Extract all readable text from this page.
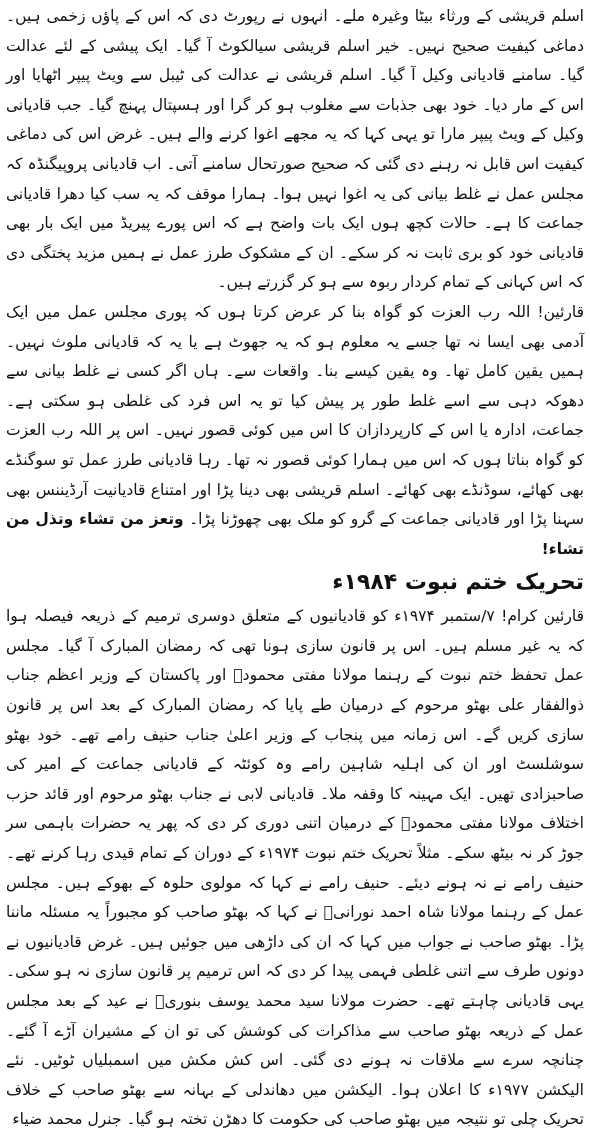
اسلم قریشی کے ورثاء بیٹا وغیرہ ملے۔ انہوں نے رپورٹ دی کہ اس کے پاؤں زخمی ہیں۔ دماغی کیفیت صحیح نہیں۔ خیر اسلم قریشی سیالکوٹ آ گیا۔ ایک پیشی کے لئے عدالت گیا۔ سامنے قادیانی وکیل آ گیا۔ اسلم قریشی نے عدالت کی ٹیبل سے ویٹ پیپر اٹھایا اور اس کے مار دیا۔ خود بھی جذبات سے مغلوب ہو کر گرا اور ہسپتال پہنچ گیا۔ جب قادیانی وکیل کے ویٹ پیپر مارا تو یہی کہا کہ یہ مجھے اغوا کرنے والے ہیں۔ غرض اس کی دماغی کیفیت اس قابل نہ رہنے دی گئی کہ صحیح صورتحال سامنے آتی۔ اب قادیانی پروپیگنڈہ کہ مجلس عمل نے غلط بیانی کی یہ اغوا نہیں ہوا۔ ہمارا موقف کہ یہ سب کیا دھرا قادیانی جماعت کا ہے۔ حالات کچھ ہوں ایک بات واضح ہے کہ اس پورے پیریڈ میں ایک بار بھی قادیانی خود کو بری ثابت نہ کر سکے۔ ان کے مشکوک طرز عمل نے ہمیں مزید پختگی دی کہ اس کہانی کے تمام کردار ربوہ سے ہو کر گزرتے ہیں۔

قارئین! اللہ رب العزت کو گواہ بنا کر عرض کرتا ہوں کہ پوری مجلس عمل میں ایک آدمی بھی ایسا نہ تھا جسے یہ معلوم ہو کہ یہ جھوٹ ہے یا یہ کہ قادیانی ملوث نہیں۔ ہمیں یقین کامل تھا۔ وہ یقین کیسے بنا۔ واقعات سے۔ ہاں اگر کسی نے غلط بیانی سے دھوکہ دہی سے اسے غلط طور پر پیش کیا تو یہ اس فرد کی غلطی ہو سکتی ہے۔ جماعت، ادارہ یا اس کے کارپردازان کا اس میں کوئی قصور نہیں۔ اس پر اللہ رب العزت کو گواہ بناتا ہوں کہ اس میں ہمارا کوئی قصور نہ تھا۔ رہا قادیانی طرز عمل تو سوگنڈے بھی کھائے، سوڈنڈے بھی کھائے۔ اسلم قریشی بھی دینا پڑا اور امتناع قادیانیت آرڈیننس بھی سہنا پڑا اور قادیانی جماعت کے گرو کو ملک بھی چھوڑنا پڑا۔ وتعز من تشاء وتذل من تشاء!

تحریک ختم نبوت ۱۹۸۴ء

قارئین کرام! ۷/ستمبر ۱۹۷۴ء کو قادیانیوں کے متعلق دوسری ترمیم کے ذریعہ فیصلہ ہوا کہ یہ غیر مسلم ہیں۔ اس پر قانون سازی ہونا تھی کہ رمضان المبارک آ گیا۔ مجلس عمل تحفظ ختم نبوت کے رہنما مولانا مفتی محمودؒ اور پاکستان کے وزیر اعظم جناب ذوالفقار علی بھٹو مرحوم کے درمیان طے پایا کہ رمضان المبارک کے بعد اس پر قانون سازی کریں گے۔ اس زمانہ میں پنجاب کے وزیر اعلیٰ جناب حنیف رامے تھے۔ خود بھٹو سوشلسٹ اور ان کی اہلیہ شاہین رامے وہ کوئٹہ کے قادیانی جماعت کے امیر کی صاحبزادی تھیں۔ ایک مہینہ کا وقفہ ملا۔ قادیانی لابی نے جناب بھٹو مرحوم اور قائد حزب اختلاف مولانا مفتی محمودؒ کے درمیان اتنی دوری کر دی کہ پھر یہ حضرات باہمی سر جوڑ کر نہ بیٹھ سکے۔ مثلاً تحریک ختم نبوت ۱۹۷۴ء کے دوران کے تمام قیدی رہا کرنے تھے۔ حنیف رامے نے نہ ہونے دیئے۔ حنیف رامے نے کہا کہ مولوی حلوہ کے بھوکے ہیں۔ مجلس عمل کے رہنما مولانا شاہ احمد نورانیؒ نے کہا کہ بھٹو صاحب کو مجبوراً یہ مسئلہ ماننا پڑا۔ بھٹو صاحب نے جواب میں کہا کہ ان کی داڑھی میں جوئیں ہیں۔ غرض قادیانیوں نے دونوں طرف سے اتنی غلطی فہمی پیدا کر دی کہ اس ترمیم پر قانون سازی نہ ہو سکی۔ یہی قادیانی چاہتے تھے۔ حضرت مولانا سید محمد یوسف بنوریؒ نے عید کے بعد مجلس عمل کے ذریعہ بھٹو صاحب سے مذاکرات کی کوشش کی تو ان کے مشیران آڑے آ گئے۔ چنانچہ سرے سے ملاقات نہ ہونے دی گئی۔ اس کش مکش میں اسمبلیاں ٹوٹیں۔ نئے الیکشن ۱۹۷۷ء کا اعلان ہوا۔ الیکشن میں دھاندلی کے بہانہ سے بھٹو صاحب کے خلاف تحریک چلی تو نتیجہ میں بھٹو صاحب کی حکومت کا دھڑن تختہ ہو گیا۔ جنرل محمد ضیاء
